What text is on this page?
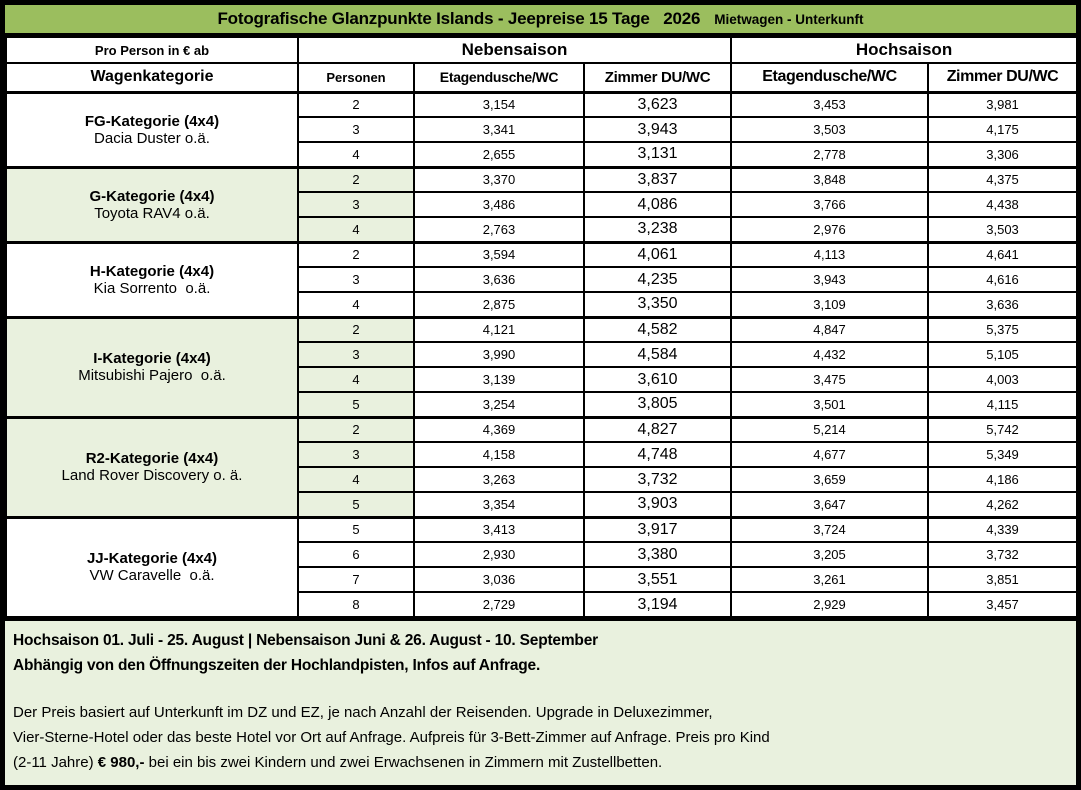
Fotografische Glanzpunkte Islands - Jeepreise 15 Tage   2026 Mietwagen - Unterkunft
Pro Person in € ab	Nebensaison			Hochsaison	
Wagenkategorie	Personen	Etagendusche/WC	Zimmer DU/WC	Etagendusche/WC	Zimmer DU/WC

FG-Kategorie (4x4)
Dacia Duster o.ä.	2	3,154	3,623	3,453	3,981
	3	3,341	3,943	3,503	4,175
	4	2,655	3,131	2,778	3,306

G-Kategorie (4x4)
Toyota RAV4 o.ä.	2	3,370	3,837	3,848	4,375
	3	3,486	4,086	3,766	4,438
	4	2,763	3,238	2,976	3,503

H-Kategorie (4x4)
Kia Sorrento  o.ä.	2	3,594	4,061	4,113	4,641
	3	3,636	4,235	3,943	4,616
	4	2,875	3,350	3,109	3,636

I-Kategorie (4x4)
Mitsubishi Pajero  o.ä.	2	4,121	4,582	4,847	5,375
	3	3,990	4,584	4,432	5,105
	4	3,139	3,610	3,475	4,003
	5	3,254	3,805	3,501	4,115

R2-Kategorie (4x4)
Land Rover Discovery o. ä.	2	4,369	4,827	5,214	5,742
	3	4,158	4,748	4,677	5,349
	4	3,263	3,732	3,659	4,186
	5	3,354	3,903	3,647	4,262

JJ-Kategorie (4x4)
VW Caravelle  o.ä.	5	3,413	3,917	3,724	4,339
	6	2,930	3,380	3,205	3,732
	7	3,036	3,551	3,261	3,851
	8	2,729	3,194	2,929	3,457
Hochsaison 01. Juli - 25. August | Nebensaison Juni & 26. August - 10. September
Abhängig von den Öffnungszeiten der Hochlandpisten, Infos auf Anfrage.
Der Preis basiert auf Unterkunft im DZ und EZ, je nach Anzahl der Reisenden. Upgrade in Deluxezimmer,
Vier-Sterne-Hotel oder das beste Hotel vor Ort auf Anfrage. Aufpreis für 3-Bett-Zimmer auf Anfrage. Preis pro Kind
(2-11 Jahre) € 980,- bei ein bis zwei Kindern und zwei Erwachsenen in Zimmern mit Zustellbetten.
